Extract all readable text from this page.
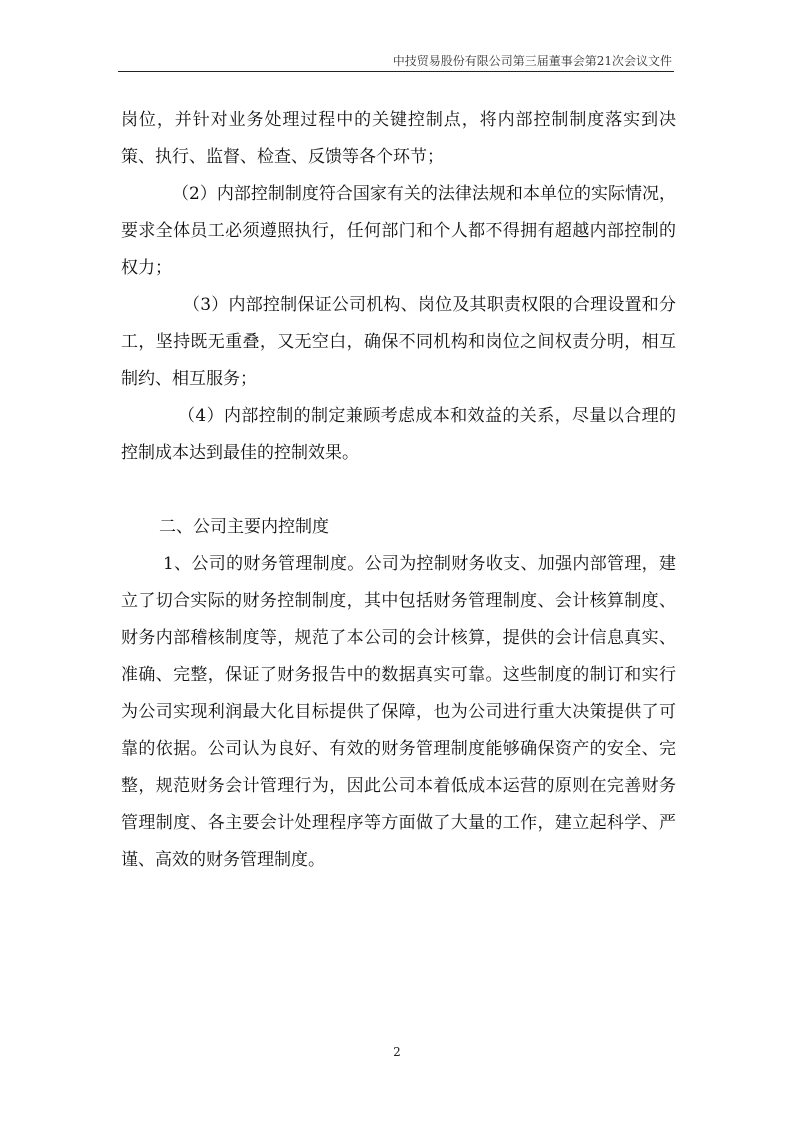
中技贸易股份有限公司第三届董事会第21次会议文件

岗位，并针对业务处理过程中的关键控制点，将内部控制制度落实到决策、执行、监督、检查、反馈等各个环节；

（2）内部控制制度符合国家有关的法律法规和本单位的实际情况，要求全体员工必须遵照执行，任何部门和个人都不得拥有超越内部控制的权力；

（3）内部控制保证公司机构、岗位及其职责权限的合理设置和分工，坚持既无重叠，又无空白，确保不同机构和岗位之间权责分明，相互制约、相互服务；

（4）内部控制的制定兼顾考虑成本和效益的关系，尽量以合理的控制成本达到最佳的控制效果。

二、公司主要内控制度

1、公司的财务管理制度。公司为控制财务收支、加强内部管理，建立了切合实际的财务控制制度，其中包括财务管理制度、会计核算制度、财务内部稽核制度等，规范了本公司的会计核算，提供的会计信息真实、准确、完整，保证了财务报告中的数据真实可靠。这些制度的制订和实行为公司实现利润最大化目标提供了保障，也为公司进行重大决策提供了可靠的依据。公司认为良好、有效的财务管理制度能够确保资产的安全、完整，规范财务会计管理行为，因此公司本着低成本运营的原则在完善财务管理制度、各主要会计处理程序等方面做了大量的工作，建立起科学、严谨、高效的财务管理制度。

2
